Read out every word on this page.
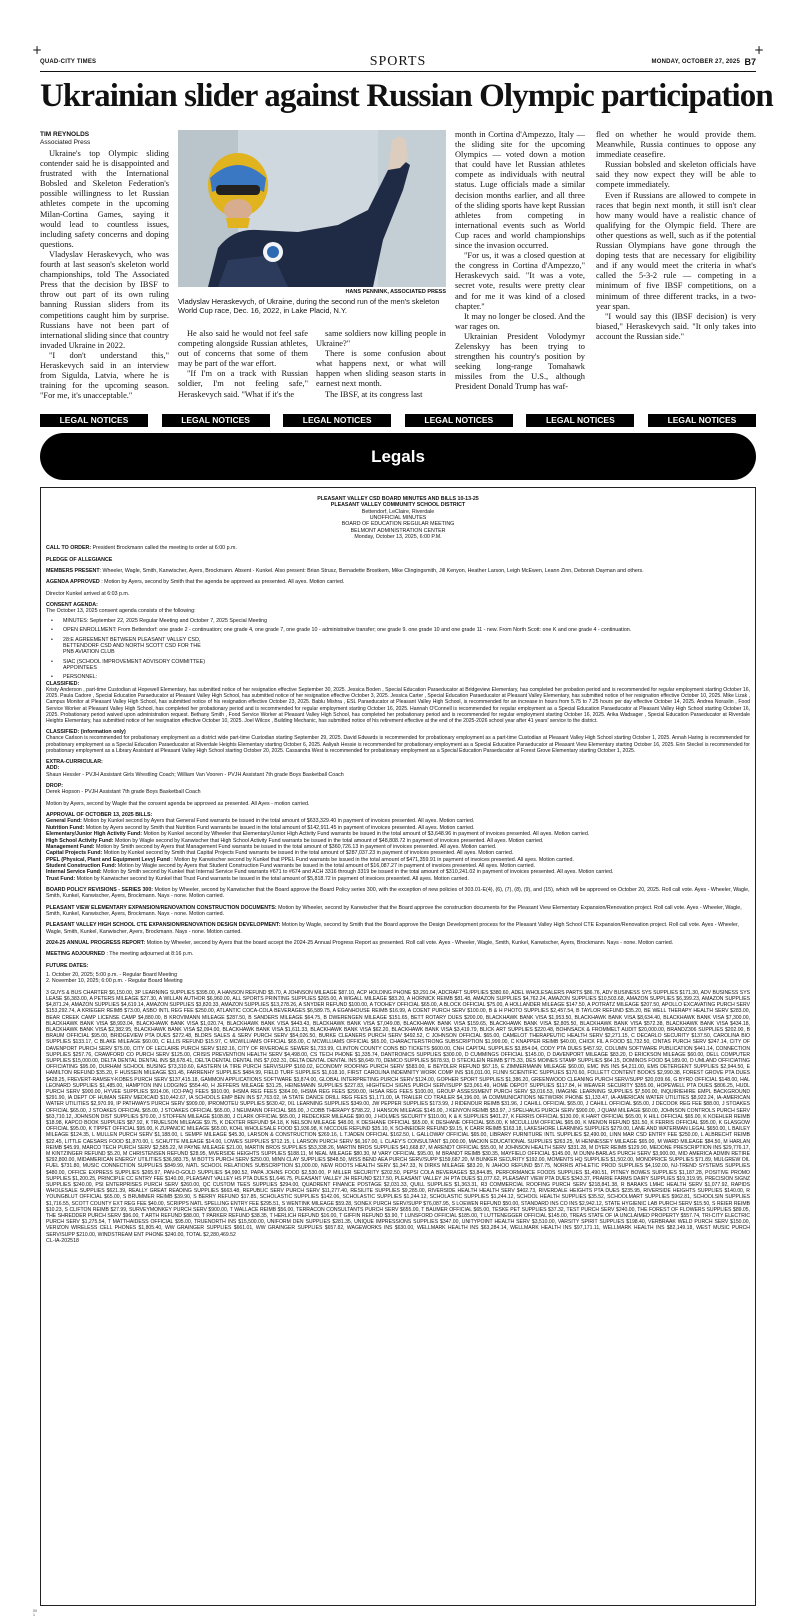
+	+
QUAD-CITY TIMES	SPORTS	MONDAY, OCTOBER 27, 2025 B7
Ukrainian slider against Russian Olympic participation
TIM REYNOLDS
Associated Press

Ukraine's top Olympic sliding contender said he is disappointed and frustrated with the International Bobsled and Skeleton Federation's possible willingness to let Russian athletes compete in the upcoming Milan-Cortina Games, saying it would lead to countless issues, including safety concerns and doping questions.

Vladyslav Heraskevych, who was fourth at last season's skeleton world championships, told The Associated Press that the decision by IBSF to throw out part of its own ruling banning Russian sliders from its competitions caught him by surprise. Russians have not been part of international sliding since that country invaded Ukraine in 2022.

"I don't understand this," Heraskevych said in an interview from Sigulda, Latvia, where he is training for the upcoming season. "For me, it's unacceptable."

HANS PENNINK, ASSOCIATED PRESS
Vladyslav Heraskevych, of Ukraine, during the second run of the men's skeleton World Cup race, Dec. 16, 2022, in Lake Placid, N.Y.

He also said he would not feel safe competing alongside Russian athletes, out of concerns that some of them may be part of the war effort.

"If I'm on a track with Russian soldier, I'm not feeling safe," Heraskevych said. "What if it's the

same soldiers now killing people in Ukraine?"

There is some confusion about what happens next, or what will happen when sliding season starts in earnest next month.

The IBSF, at its congress last

month in Cortina d'Ampezzo, Italy — the sliding site for the upcoming Olympics — voted down a motion that could have let Russian athletes compete as individuals with neutral status. Luge officials made a similar decision months earlier, and all three of the sliding sports have kept Russian athletes from competing in international events such as World Cup races and world championships since the invasion occurred.

"For us, it was a closed question at the congress in Cortina d'Ampezzo," Heraskevych said. "It was a vote, secret vote, results were pretty clear and for me it was kind of a closed chapter."

It may no longer be closed. And the war rages on.

Ukrainian President Volodymyr Zelenskyy has been trying to strengthen his country's position by seeking long-range Tomahawk missiles from the U.S., although President Donald Trump has waf-

fled on whether he would provide them. Meanwhile, Russia continues to oppose any immediate ceasefire.

Russian bobsled and skeleton officials have said they now expect they will be able to compete immediately.

Even if Russians are allowed to compete in races that begin next month, it still isn't clear how many would have a realistic chance of qualifying for the Olympic field. There are other questions as well, such as if the potential Russian Olympians have gone through the doping tests that are necessary for eligibility and if any would meet the criteria in what's called the 5-3-2 rule — competing in a minimum of five IBSF competitions, on a minimum of three different tracks, in a two-year span.

"I would say this (IBSF decision) is very biased," Heraskevych said. "It only takes into account the Russian side."

LEGAL NOTICES	LEGAL NOTICES	LEGAL NOTICES	LEGAL NOTICES	LEGAL NOTICES	LEGAL NOTICES
Legals
PLEASANT VALLEY CSD BOARD MINUTES AND BILLS 10-13-25
PLEASANT VALLEY COMMUNITY SCHOOL DISTRICT
Bettendorf, LeClaire, Riverdale
UNOFFICIAL MINUTES
BOARD OF EDUCATION REGULAR MEETING
BELMONT ADMINISTRATION CENTER
Monday, October 13, 2025, 6:00 P.M.
CALL TO ORDER: President Brockmann called the meeting to order at 6:00 p.m.
PLEDGE OF ALLEGIANCE
MEMBERS PRESENT: Wheeler, Wagle, Smith, Kanwischer, Ayers, Brockmann. Absent - Kunkel. Also present: Brian Strusz, Bernadette Brostkem, Mike Clingingsmith, Jill Kenyon, Heather Larson, Leigh McEwen, Leann Zinn, Deborah Dayman and others.
AGENDA APPROVED : Motion by Ayers, second by Smith that the agenda be approved as presented. All ayes. Motion carried.
Director Kunkel arrived at 6:03 p.m.
CONSENT AGENDA:
The October 13, 2025 consent agenda consists of the following:
• MINUTES: September 22, 2025 Regular Meeting and October 7, 2025 Special Meeting
• OPEN ENROLLMENT: From Bettendorf: one grade 2 - continuation; one grade 4, one grade 7, one grade 10 - administrative transfer; one grade 9. one grade 10 and one grade 11 - new. From North Scott: one K and one grade 4 - continuation.
• 28:E AGREEMENT BETWEEN PLEASANT VALLEY CSD, BETTENDORF CSD AND NORTH SCOTT CSD FOR THE PNB AVIATION CLUB
• SIAC (SCHOOL IMPROVEMENT ADVISORY COMMITTEE) APPOINTEES
• PERSONNEL:
CLASSIFIED:
Kristy Anderson , part-time Custodian at Hopewell Elementary, has submitted notice of her resignation effective September 30, 2025. Jessica Boden , Special Education Paraeducator at Bridgeview Elementary, has completed her probation period and is recommended for regular employment starting October 16, 2025. Paula Cadore , Special Education Paraeducator at Pleasant Valley High School, has submitted notice of her resignation effective October 3, 2025. Jessica Carter , Special Education Paraeducator at Pleasant Valley Elementary, has submitted notice of her resignation effective October 10, 2025. Mike Lizak , Campus Monitor at Pleasant Valley High School, has submitted notice of his resignation effective October 23, 2025. Bablu Mishra , ESL Paraeducator at Pleasant Valley High School, is recommended for an increase in hours from 5.75 to 7.25 hours per day effective October 14, 2025. Andrea Noraslin , Food Service Worker at Pleasant Valley High School, has completed her probationary period and is recommended for regular employment starting October 16, 2025. Hannah O'Connell is recommended for regular employment as a Special Education Paraeducator at Pleasant Valley High School starting October 16, 2025. Probationary period waived upon administration request. Bethany Smith , Food Service Worker at Pleasant Valley High School, has completed her probationary period and is recommended for regular employment starting October 16, 2025. Arika Wadsager , Special Education Paraeducator at Riverdale Heights Elementary, has submitted notice of her resignation effective October 10, 2025. Joel Wilcox , Building Mechanic, has submitted notice of his retirement effective at the end of the 2025-2026 school year after 41 years' service to the district.
CLASSIFIED: (information only)
Chance Carlson is recommended for probationary employment as a district wide part-time Custodian starting September 29, 2025. David Edwards is recommended for probationary employment as a part-time Custodian at Pleasant Valley High School starting October 1, 2025. Annah Haring is recommended for probationary employment as a Special Education Paraeducator at Riverdale Heights Elementary starting October 6, 2025. Aaliyah Hessie is recommended for probationary employment as a Special Education Paraeducator at Pleasant View Elementary starting October 16, 2025. Erin Steckel is recommended for probationary employment as a Library Assistant at Pleasant Valley High School starting October 20, 2025. Cassandra West is recommended for probationary employment as a Special Education Paraeducator at Forest Grove Elementary starting October 1, 2025.
EXTRA-CURRICULAR:
ADD:
Shaun Hessler - PVJH Assistant Girls Wrestling Coach; William Van Vooren - PVJH Assistant 7th grade Boys Basketball Coach
DROP:
Derek Hopson - PVJH Assistant 7th grade Boys Basketball Coach
Motion by Ayers, second by Wagle that the consent agenda be approved as presented. All Ayes - motion carried.
APPROVAL OF OCTOBER 13, 2025 BILLS:
General Fund: Motion by Kunkel second by Ayers that General Fund warrants be issued in the total amount of $633,329.40 in payment of invoices presented. All ayes. Motion carried.
Nutrition Fund: Motion by Ayers second by Smith that Nutrition Fund warrants be issued in the total amount of $142,911.45 in payment of invoices presented. All ayes. Motion carried.
Elementary/Junior High Activity Fund: Motion by Kunkel second by Wheeler that Elementary/Junior High Activity Fund warrants be issued in the total amount of $3,648.96 in payment of invoices presented. All ayes. Motion carried.
High School Activity Fund: Motion by Wagle second by Kanwischer that High School Activity Fund warrants be issued in the total amount of $48,808.72 in payment of invoices presented. All ayes. Motion carried.
Management Fund: Motion by Smith second by Ayers that Management Fund warrants be issued in the total amount of $360,726.13 in payment of invoices presented. All ayes. Motion carried.
Capital Projects Fund: Motion by Kunkel second by Smith that Capital Projects Fund warrants be issued in the total amount of $287,037.23 in payment of invoices presented. All ayes. Motion carried.
PPEL (Physical, Plant and Equipment Levy) Fund : Motion by Kanwischer second by Kunkel that PPEL Fund warrants be issued in the total amount of $471,359.91 in payment of invoices presented. All ayes. Motion carried.
Student Construction Fund: Motion by Wagle second by Ayers that Student Construction Fund warrants be issued in the total amount of $16,087.27 in payment of invoices presented. All ayes. Motion carried.
Internal Service Fund: Motion by Smith second by Kunkel that Internal Service Fund warrants #671 to #674 and ACH 3316 through 3319 be issued in the total amount of $310,241.02 in payment of invoices presented. All ayes. Motion carried.
Trust Fund: Motion by Kanwischer second by Kunkel that Trust Fund warrants be issued in the total amount of $5,818.72 in payment of invoices presented. All ayes. Motion carried.
BOARD POLICY REVISIONS - SERIES 300: Motion by Wheeler, second by Kanwischer that the Board approve the Board Policy series 300, with the exception of new policies of 303.01-E(4), (6), (7), (8), (9), and (15), which will be approved on October 20, 2025. Roll call vote. Ayes - Wheeler, Wagle, Smith, Kunkel, Kanwischer, Ayers, Brockmann. Nays - none. Motion carried.
PLEASANT VIEW ELEMENTARY EXPANSION/RENOVATION CONSTRUCTION DOCUMENTS: Motion by Wheeler, second by Kanwischer that the Board approve the construction documents for the Pleasant View Elementary Expansion/Renovation project. Roll call vote. Ayes - Wheeler, Wagle, Smith, Kunkel, Kanwischer, Ayers, Brockmann. Nays - none. Motion carried.
PLEASANT VALLEY HIGH SCHOOL CTE EXPANSION/RENOVATION DESIGN DEVELOPMENT: Motion by Wagle, second by Smith that the Board approve the Design Development process for the Pleasant Valley High School CTE Expansion/Renovation project. Roll call vote. Ayes - Wheeler, Wagle, Smith, Kunkel, Kanwischer, Ayers, Brockmann. Nays - none. Motion carried.
2024-25 ANNUAL PROGRESS REPORT: Motion by Wheeler, second by Ayers that the board accept the 2024-25 Annual Progress Report as presented. Roll call vote. Ayes - Wheeler, Wagle, Smith, Kunkel, Kanwischer, Ayers, Brockmann. Nays - none. Motion carried.
MEETING ADJOURNED : The meeting adjourned at 8:16 p.m.
FUTURE DATES:
1. October 20, 2025; 5:00 p.m. - Regular Board Meeting
2. November 10, 2025; 6:00 p.m. - Regular Board Meeting
3 GUYS & BUS CHARTER $6,150.00, 3P LEARNING SUPPLIES $395.00, A HANSON REFUND $5.70, A JOHNSON MILEAGE $87.10, ACP HOLDING PHONE $3,291.04, ADCRAFT SUPPLIES $380.60, ADEL WHOLESALERS PARTS $86.76, ADV BUSINESS SYS SUPPLIES $171.30, ADV BUSINESS SYS LEASE $6,383.00, A PETERS MILEAGE $27.30, A WILLAN AUTHOR $6,960.00, ALL SPORTS PRINTING SUPPLIES $265.00, A WIGALL MILEAGE $83.20, A HORNICK REIMB $81.48, AMAZON SUPPLIES $4,762.24, AMAZON SUPPLIES $10,503.68, AMAZON SUPPLIES $6,399.23, AMAZON SUPPLIES $4,871.24, AMAZON SUPPLIES $4,619.14, AMAZON SUPPLIES $3,820.33, AMAZON SUPPLIES $13,278.26, A SNYDER REFUND $100.00, A TOOHEY OFFICIAL $65.00, A BLOCK OFFICIAL $75.00, A HOLLANDER MILEAGE $147.50, A POTRATZ MILEAGE $207.50, APOLLO EXCAVATING PURCH SERV $153,292.74, A KRIEGER REIMB $73.00, ASBO INTL REG FEE $250.00, ATLANTIC COCA-COLA BEVERAGES $6,589.75, A EGANHOUSE REIMB $16.99, A COENT PURCH SERV $100.00, B & H PHOTO SUPPLIES $2,457.54, B TAYLOR REFUND $35.20, BE WELL THERAPY HEALTH SERV $283.00, BEAR CREEK CAMP LICENSE CAMP $4,880.00, B KROVIMANN MILEAGE $287.50, B SANDERS MILEAGE $64.75, B DWERENGEN MILEAGE $151.65, BETT ROTARY DUES $200.00, BLACKHAWK BANK VISA $1,953.50, BLACKHAWK BANK VISA $8,634.40, BLACKHAWK BANK VISA $7,300.00, BLACKHAWK BANK VISA $8,993.04, BLACKHAWK BANK VISA $1,020.74, BLACKHAWK BANK VISA $443.43, BLACKHAWK BANK VISA $7,049.08, BLACKHAWK BANK VISA $159.65, BLACKHAWK BANK VISA $2,805.50, BLACKHAWK BANK VISA $572.38, BLACKHAWK BANK VISA $434.18, BLACKHAWK BANK VISA $2,382.95, BLACKHAWK BANK VISA $2,094.00, BLACKHAWK BANK VISA $1,611.33, BLACKHAWK BANK VISA $62.20, BLACKHAWK BANK VISA $3,419.79, BLICK ART SUPPLIES $220.48, BOHNSACK & FROMMELT AUDIT $20,000.00, BRANDZ306 SUPPLIES $202.00, B BRAUM OFFICIAL $95.00, BRIDGEVIEW PTA DUES $272.48, BLDRS SALES & SERV PURCH SERV $54,026.50, BURKE CLEANERS PURCH SERV $492.52, C JOHNSON OFFICIAL $65.00, CAMELOT THERAPEUTIC HEALTH SERV $2,271.15, C DECARLO SECURITY $137.50, CAROLINA BIO SUPPLIES $133.17, C BLAKE MILEAGE $60.00, C ELLIS REFUND $15.97, C MCWILLIAMS OFFICIAL $65.00, C MCWILLIAMS OFFICIAL $65.00, CHARACTERSTRONG SUBSCRIPTION $1,999.00, C KNAPPER REIMB $40.00, CHICK FIL A FOOD $1,732.50, CINTAS PURCH SERV $247.14, CITY OF DAVENPORT PURCH SERV $75.00, CITY OF LECLAIRE PURCH SERV $182.16, CITY OF RIVERDALE SEWER $1,733.99, CLINTON COUNTY CONS BD TICKETS $600.00, CNH CAPITAL SUPPLIES $3,854.04, CODY PTA DUES $457.92, COLUMN SOFTWARE PUBLICATION $441.14, CONNECTION SUPPLIES $257.76, CRAWFORD CO PURCH SERV $125.00, CRISIS PREVENTION HEALTH SERV $4,498.00, CS TECH PHONE $1,335.74, DANTRONICS SUPPLIES $300.00, D CUMMINGS OFFICIAL $145.00, D DAVENPORT MILEAGE $83.20, D ERICKSON MILEAGE $60.00, DELL COMPUTER SUPPLIES $15,000.00, DELTA DENTAL DENTAL INS $8,678.41, DELTA DENTAL DENTAL INS $7,032.31, DELTA DENTAL DENTAL INS $8,649.70, DEMCO SUPPLIES $678.93, D STECKLEIN REIMB $775.33, DES MOINES STAMP SUPPLIES $64.15, DOMINOS FOOD $4,189.00, D UMLAND OFFICIATING OFFICIATING $95.00, DURHAM SCHOOL BUSING $73,310.60, EASTERN IA TIRE PURCH SERV/SUPP $160.02, ECONOMY ROOFING PURCH SERV $583.00, E BEYDLER REFUND $67.15, E ZIMMERMANN MILEAGE $60.00, EMC INS INS $4,211.00, EMS DETERGENT SUPPLIES $2,944.50, E HAMILTON REFUND $35.20, F HUSSEIN MILEAGE $31.45, FARRENHY SUPPLIES $484.99, FIELD TURF SUPPLIES $1,618.10, FIRST CAROLINA INDEMNITY WORK COMP INS $16,011.00, FLINN SCIENTIFIC SUPPLIES $170.60, FOLLETT CONTENT BOOKS $2,990.38, FOREST GROVE PTA DUES $428.25, FREVERT-RAMSEY-KOBES PURCH SERV $137,415.18, GAMMON APPLICATIONS SOFTWARE $3,874.00, GLOBAL INTERPRETING PURCH SERV $124.00, GOPHER SPORT SUPPLIES $1,386.20, GREENWOOD CLEANING PURCH SERV/SUPP $20,039.66, G BYRD OFFICIAL $148.00, HAL LEONARD SUPPLIES $1,485.00, HAMPTON INN LODGING $554.40, H JEFFERS MILEAGE $31.25, HEINEMANN SUPPLIES $227.83, HIGHTECH SIGNS PURCH SERV/SUPP $23,061.49, HOME DEPOT SUPPLIES $117.84, H WEAVER SECURITY $355.00, HOPEWELL PTA DUES $806.25, HUDL PURCH SERV $900.00, HYVEE SUPPLIES $914.06, ICO-PAQ FEES $910.00, IHSMA REG FEES $364.00, IHSMA REG FEES $290.00, IHSAA REG FEES $100.00, GROUP ASSESSMENT PURCH SERV $3,016.53, IMAGINE LEARNING SUPPLIES $7,500.00, INQUIRIEHIRE EMPL BACKGROUND $291.90, IA DEPT OF HUMAN SERV MEDICAID $10,442.67, IA SCHOOLS EMP BEN INS $7,763.02, IA STATE DANCE DRILL REG FEES $1,171.00, IA TRAILER CO TRAILER $4,196.00, IA COMMUNICATIONS NETWORK PHONE $1,133.47, IA-AMERICAN WATER UTILITIES $8,922.24, IA-AMERICAN WATER UTILITIES $2,970.99, IP PATHWAYS PURCH SERV $909.00, IPROMOTEU SUPPLIES $630.42, IXL LEARNING SUPPLIES $349.00, JW PEPPER SUPPLIES $173.99, J RIDENOUR REIMB $31.96, J CAHILL OFFICIAL $65.00, J CAHILL OFFICIAL $65.00, J DECOOK REG FEE $88.00, J STOAKES OFFICIAL $65.00, J STOAKES OFFICIAL $65.00, J STOAKES OFFICIAL $65.00, J NEUMANN OFFICIAL $65.00, J COBB THERAPY $798.22, J HANSON MILEAGE $145.00, J KENYON REIMB $53.97, J SPELHAUG PURCH SERV $900.00, J QUAM MILEAGE $60.00, JOHNSON CONTROLS PURCH SERV $63,710.12, JOHNSON DIST SUPPLIES $70.00, J STOFFEN MILEAGE $108.80, J CLARK OFFICIAL $65.00, J REDECKER MILEAGE $90.00, J HOLMES SECURITY $110.00, K & K SUPPLIES $401.27, K FERRIS OFFICIAL $130.00, K HART OFFICIAL $65.00, K HILL OFFICIAL $65.00, K KOEHLER REIMB $18.98, KAPCO BOOK SUPPLIES $87.92, K TRUELSON MILEAGE $9.75, K DEXTER REFUND $4.18, K NELSON MILEAGE $48.00, K DESHANE OFFICIAL $65.00, K DESHANE OFFICIAL $65.00, K MCCULLUM OFFICIAL $65.00, K MENON REFUND $31.50, K FERRIS OFFICIAL $95.00, K GLASGOW OFFICIAL $95.00, K TIPPET OFFICIAL $95.00, K ZUPANCIC MILEAGE $65.00, KOHL WHOLESALE FOOD $1,936.98, K NICCOUE REFUND $35.10, K SCHNEIDER REFUND $9.15, K CARR REIMB $163.18, LAKESHORE LEARNING SUPPLIES $279.00, LANE AND WATERMAN LEGAL $650.00, L BAILEY MILEAGE $124.35, L MULLEN PURCH SERV $1,188.00, L SEMPF MILEAGE $45.30, LARSON & CONSTRUCTION $269.16, L TJADEN OFFICIAL $162.50, L GALLOWAY OFFICIAL $65.00, LIBRARY FURNITURE INTL SUPPLIES $2,490.00, LINN MAR CSD ENTRY FEE $250.00, L ALBRECHT REIMB $22.45, LITTLE CAESARS FOOD $1,870.00, L SCHUTTE MILEAGE $14.00, LOWES SUPPLIES $712.15, L LARSON PURCH SERV $6,167.00, L CLAEY'S CONSULTANT $1,000.00, MACKIN EDUCATIONAL SUPPLIES $263.25, M HENNESSEY MILEAGE $65.00, M WARD MILEAGE $84.50, M HARLAN REIMB $45.99, MARCO TECH PURCH SERV $2,585.22, M PAYNE MILEAGE $21.00, MARTIN BROS SUPPLIES $53,338.26, MARTIN BROS SUPPLIES $41,668.87, M ARENDT OFFICIAL $55.00, M JOHNSON HEALTH SERV $331.28, M DYER REIMB $129.90, MEDONE PRESCRIPTION INS $29,776.17, M KINTZINGER REFUND $5.20, M CHRISTENSEN REFUND $28.95, MVERSIDE HEIGHTS SUPPLIES $188.11, M NEAL MILEAGE $80.30, M VARY OFFICIAL $95.00, M BRANDT REIMB $30.35, MAYFIELD OFFICIAL $145.00, M DUNN-BARLAS PURCH SERV $3,900.00, MID AMERICA ADMIN RETIRE $292,800.00, MIDAMERICAN ENERGY UTILITIES $36,983.75, M BOTTS PURCH SERV $250.00, MINN CLAY SUPPLIES $848.50, MISS BEND AEA PURCH SERV/SUPP $159,687.20, M BUNKER SECURITY $192.00, MOMENTS HQ SUPPLIES $1,502.00, MONOPRICE SUPPLIES $71.89, MULGREW OIL FUEL $731.80, MUSIC CONNECTION SUPPLIES $849.99, NATL SCHOOL RELATIONS SUBSCRIPTION $1,000.00, NEW ROOTS HEALTH SERV $1,347.33, N DIRKS MILEAGE $83.20, N JAHOO REFUND $57.75, NORRIS ATHLETIC PROD SUPPLIES $4,192.00, NJ-TREND SYSTEMS SUPPLIES $480.00, OFFICE EXPRESS SUPPLIES $265.97, PAN-O-GOLD SUPPLIES $4,990.52, PAPA JOHNS FOOD $2,530.00, P MILLER SECURITY $202.50, PEPSI COLA BEVERAGES $3,844.85, PERFORMANCE FOODS SUPPLIES $1,490.51, PITNEY BOWES SUPPLIES $1,187.28, POSITIVE PROMO SUPPLIES $1,200.25, PRINCIPLE CC ENTRY FEE $140.00, PLEASANT VALLEY HS PTA DUES $1,646.75, PLEASANT VALLEY JH REFUND $217.50, PLEASANT VALLEY JH PTA DUES $1,077.62, PLEASANT VIEW PTA DUES $343.37, PRAIRIE FARMS DAIRY SUPPLIES $19,319.95, PRECISION SIGNZ SUPPLIES $240.00, PSI ENTERPRISES PURCH SERV $260.00, QC CUSTOM TEES SUPPLIES $294.00, QUADRENT FINANCE POSTAGE $2,031.33, QUILL SUPPLIES $1,363.31, R3 COMMERCIAL ROOFING PURCH SERV $218,841.38, R BARAKS LMHC HEALTH SERV $1,077.92, RAPIDS WHOLESALE SUPPLIES $621.39, REALLY GREAT READING SUPPLIES $663.48, REPUBLIC SERV PURCH SERV $11,277.40, RESILITE SUPPLIES $9,285.00, RIVERSIDE HEALTH HEALTH SERV $402.73, RIVERDALE HEIGHTS PTA DUES $235.95, RIVERSIDE HEIGHTS SUPPLIES $140.00, R YOUNGBLUT OFFICIAL $65.00, S BRUMMER REIMB $39.90, S BERRY REFUND $17.85, SCHOLASTIC SUPPLIES $142.06, SCHOLASTIC SUPPLIES $1,244.12, SCHOLASTIC SUPPLIES $1,244.12, SCHOOL HEALTH SUPPLIES $35.52, SCHOOLMART SUPPLIES $962.81, SCHOOLSIN SUPPLIES $1,716.55, SCOTT COUNTY EXT REG FEE $40.00, SCRIPPS NATL SPELLING ENTRY FEE $295.51, S WENTINK MILEAGE $59.28, SONEX PURCH SERV/SUPP $76,087.95, S LOEWEN REFUND $50.00, STANDARD INS CO INS $2,942.12, STATE HYGIENIC LAB PURCH SERV $15.50, S REIER REIMB $10.23, S CLIFTON REIMB $27.99, SURVEYMONKEY PURCH SERV $900.00, T WALLACE REIMB $56.00, TERRACON CONSULTANTS PURCH SERV $655.00, T BAUMER OFFICIAL $65.00, TESKE PET SUPPLIES $37.32, TEST PURCH SERV $240.00, THE FOREST OF FLOWERS SUPPLIES $89.05, THE SHREDDER PURCH SERV $96.00, T ARTH REFUND $88.00, T PARKER REFUND $38.35, T HERLICH REFUND $16.00, T GIFFIN REFUND $3.90, T LUNSFORD OFFICIAL $185.00, T LUTTENEGGER OFFICIAL $145.00, TREAS STATE OF IA UNCLAIMED PROPERTY $557.74, TRI-CITY ELECTRIC PURCH SERV $1,275.54, T MATTHAIDESS OFFICIAL $95.00, TRUENORTH INS $15,500.00, UNIFORM DEN SUPPLIES $281.35, UNIQUE IMPRESSIONS SUPPLIES $347.00, UNITYPOINT HEALTH SERV $3,510.00, VARSITY SPIRIT SUPPLIES $198.40, VERBRAAK WELD PURCH SERV $150.00, VERIZON WIRELESS CELL PHONES $1,805.40, WW GRAINGER SUPPLIES $661.01, WW GRAINGER SUPPLIES $657.82, WAGEWORKS INS $630.00, WELLMARK HEALTH INS $63,284.14, WELLMARK HEALTH INS $97,171.11, WELLMARK HEALTH INS $82,149.18, WEST MUSIC PURCH SERV/SUPP $210.00, WINDSTREAM ENT PHONE $240.00, TOTAL $2,280,469.52
CL-IA-202518
00
1
